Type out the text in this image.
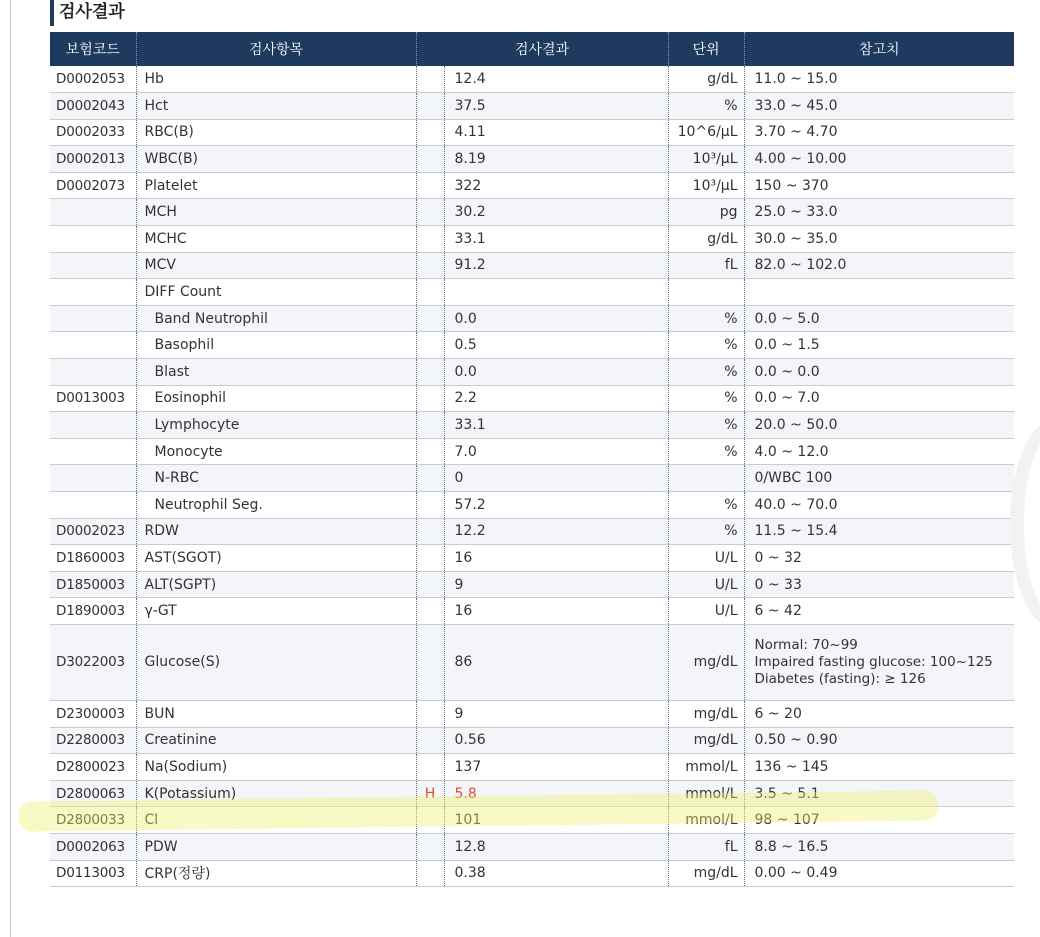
검사결과
보험코드	검사항목	검사결과		단위	참고치
D0002053	Hb		12.4	g/dL	11.0 ~ 15.0
D0002043	Hct		37.5	%	33.0 ~ 45.0
D0002033	RBC(B)		4.11	10^6/μL	3.70 ~ 4.70
D0002013	WBC(B)		8.19	10³/μL	4.00 ~ 10.00
D0002073	Platelet		322	10³/μL	150 ~ 370
	MCH		30.2	pg	25.0 ~ 33.0
	MCHC		33.1	g/dL	30.0 ~ 35.0
	MCV		91.2	fL	82.0 ~ 102.0
	DIFF Count				
	Band Neutrophil		0.0	%	0.0 ~ 5.0
	Basophil		0.5	%	0.0 ~ 1.5
	Blast		0.0	%	0.0 ~ 0.0
D0013003	Eosinophil		2.2	%	0.0 ~ 7.0
	Lymphocyte		33.1	%	20.0 ~ 50.0
	Monocyte		7.0	%	4.0 ~ 12.0
	N-RBC		0		0/WBC 100
	Neutrophil Seg.		57.2	%	40.0 ~ 70.0
D0002023	RDW		12.2	%	11.5 ~ 15.4
D1860003	AST(SGOT)		16	U/L	0 ~ 32
D1850003	ALT(SGPT)		9	U/L	0 ~ 33
D1890003	γ-GT		16	U/L	6 ~ 42
D3022003	Glucose(S)		86	mg/dL	Normal: 70~99
Impaired fasting glucose: 100~125
Diabetes (fasting): ≥ 126
D2300003	BUN		9	mg/dL	6 ~ 20
D2280003	Creatinine		0.56	mg/dL	0.50 ~ 0.90
D2800023	Na(Sodium)		137	mmol/L	136 ~ 145
D2800063	K(Potassium)	H	5.8	mmol/L	3.5 ~ 5.1
D2800033	Cl		101	mmol/L	98 ~ 107
D0002063	PDW		12.8	fL	8.8 ~ 16.5
D0113003	CRP(정량)		0.38	mg/dL	0.00 ~ 0.49
